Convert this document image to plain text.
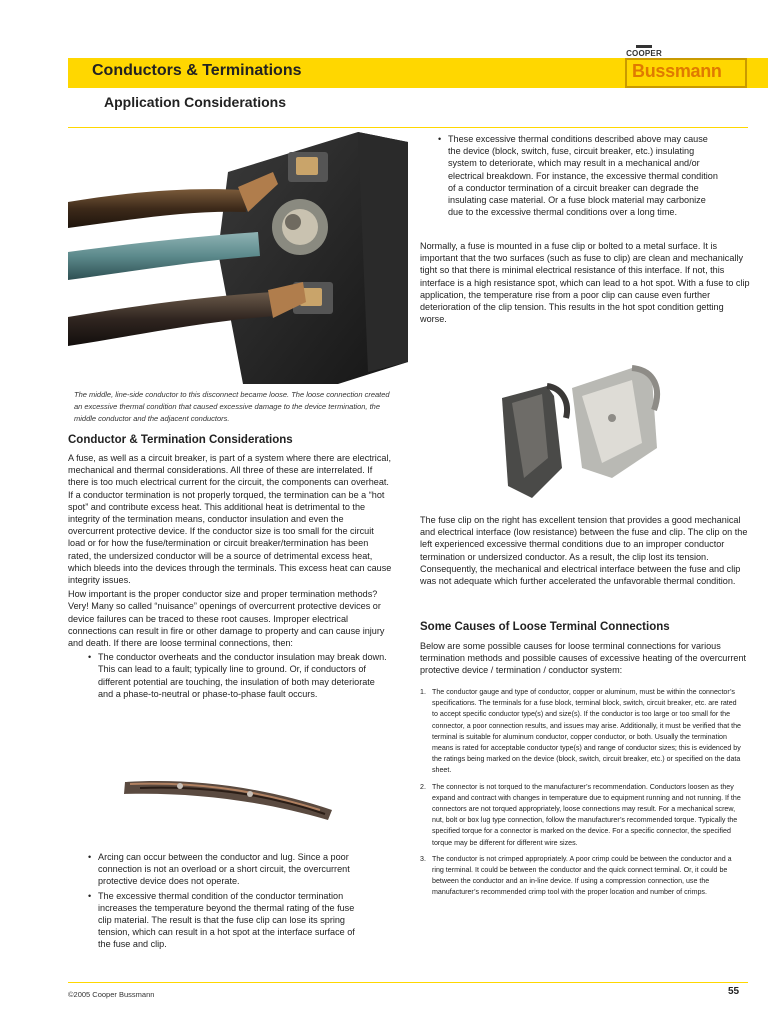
COOPER
Conductors & Terminations	Bussmann
Application Considerations
The middle, line-side conductor to this disconnect became loose. The loose connection created an excessive thermal condition that caused excessive damage to the device termination, the middle conductor and the adjacent conductors.
Conductor & Termination Considerations

A fuse, as well as a circuit breaker, is part of a system where there are electrical, mechanical and thermal considerations. All three of these are interrelated. If there is too much electrical current for the circuit, the components can overheat. If a conductor termination is not properly torqued, the termination can be a “hot spot” and contribute excess heat. This additional heat is detrimental to the integrity of the termination means, conductor insulation and even the overcurrent protective device. If the conductor size is too small for the circuit load or for how the fuse/termination or circuit breaker/termination has been rated, the undersized conductor will be a source of detrimental excess heat, which bleeds into the devices through the terminals. This excess heat can cause integrity issues.

How important is the proper conductor size and proper termination methods? Very! Many so called “nuisance” openings of overcurrent protective devices or device failures can be traced to these root causes. Improper electrical connections can result in fire or other damage to property and can cause injury and death. If there are loose terminal connections, then:

• The conductor overheats and the conductor insulation may break down. This can lead to a fault; typically line to ground. Or, if conductors of different potential are touching, the insulation of both may deteriorate and a phase-to-neutral or phase-to-phase fault occurs.
• Arcing can occur between the conductor and lug. Since a poor connection is not an overload or a short circuit, the overcurrent protective device does not operate.
• The excessive thermal condition of the conductor termination increases the temperature beyond the thermal rating of the fuse clip material. The result is that the fuse clip can lose its spring tension, which can result in a hot spot at the interface surface of the fuse and clip.
• These excessive thermal conditions described above may cause the device (block, switch, fuse, circuit breaker, etc.) insulating system to deteriorate, which may result in a mechanical and/or electrical breakdown. For instance, the excessive thermal condition of a conductor termination of a circuit breaker can degrade the insulating case material. Or a fuse block material may carbonize due to the excessive thermal conditions over a long time.

Normally, a fuse is mounted in a fuse clip or bolted to a metal surface. It is important that the two surfaces (such as fuse to clip) are clean and mechanically tight so that there is minimal electrical resistance of this interface. If not, this interface is a high resistance spot, which can lead to a hot spot. With a fuse to clip application, the temperature rise from a poor clip can cause even further deterioration of the clip tension. This results in the hot spot condition getting worse.

The fuse clip on the right has excellent tension that provides a good mechanical and electrical interface (low resistance) between the fuse and clip. The clip on the left experienced excessive thermal conditions due to an improper conductor termination or undersized conductor. As a result, the clip lost its tension. Consequently, the mechanical and electrical interface between the fuse and clip was not adequate which further accelerated the unfavorable thermal condition.

Some Causes of Loose Terminal Connections

Below are some possible causes for loose terminal connections for various termination methods and possible causes of excessive heating of the overcurrent protective device / termination / conductor system:

1. The conductor gauge and type of conductor, copper or aluminum, must be within the connector’s specifications. The terminals for a fuse block, terminal block, switch, circuit breaker, etc. are rated to accept specific conductor type(s) and size(s). If the conductor is too large or too small for the connector, a poor connection results, and issues may arise. Additionally, it must be verified that the terminal is suitable for aluminum conductor, copper conductor, or both. Usually the termination means is rated for acceptable conductor type(s) and range of conductor sizes; this is evidenced by the ratings being marked on the device (block, switch, circuit breaker, etc.) or specified on the data sheet.
2. The connector is not torqued to the manufacturer’s recommendation. Conductors loosen as they expand and contract with changes in temperature due to equipment running and not running. If the connectors are not torqued appropriately, loose connections may result. For a mechanical screw, nut, bolt or box lug type connection, follow the manufacturer’s recommended torque. Typically the specified torque for a connector is marked on the device. For a specific connector, the specified torque may be different for different wire sizes.
3. The conductor is not crimped appropriately. A poor crimp could be between the conductor and a ring terminal. It could be between the conductor and the quick connect terminal. Or, it could be between the conductor and an in-line device. If using a compression connection, use the manufacturer’s recommended crimp tool with the proper location and number of crimps.
©2005 Cooper Bussmann	55
